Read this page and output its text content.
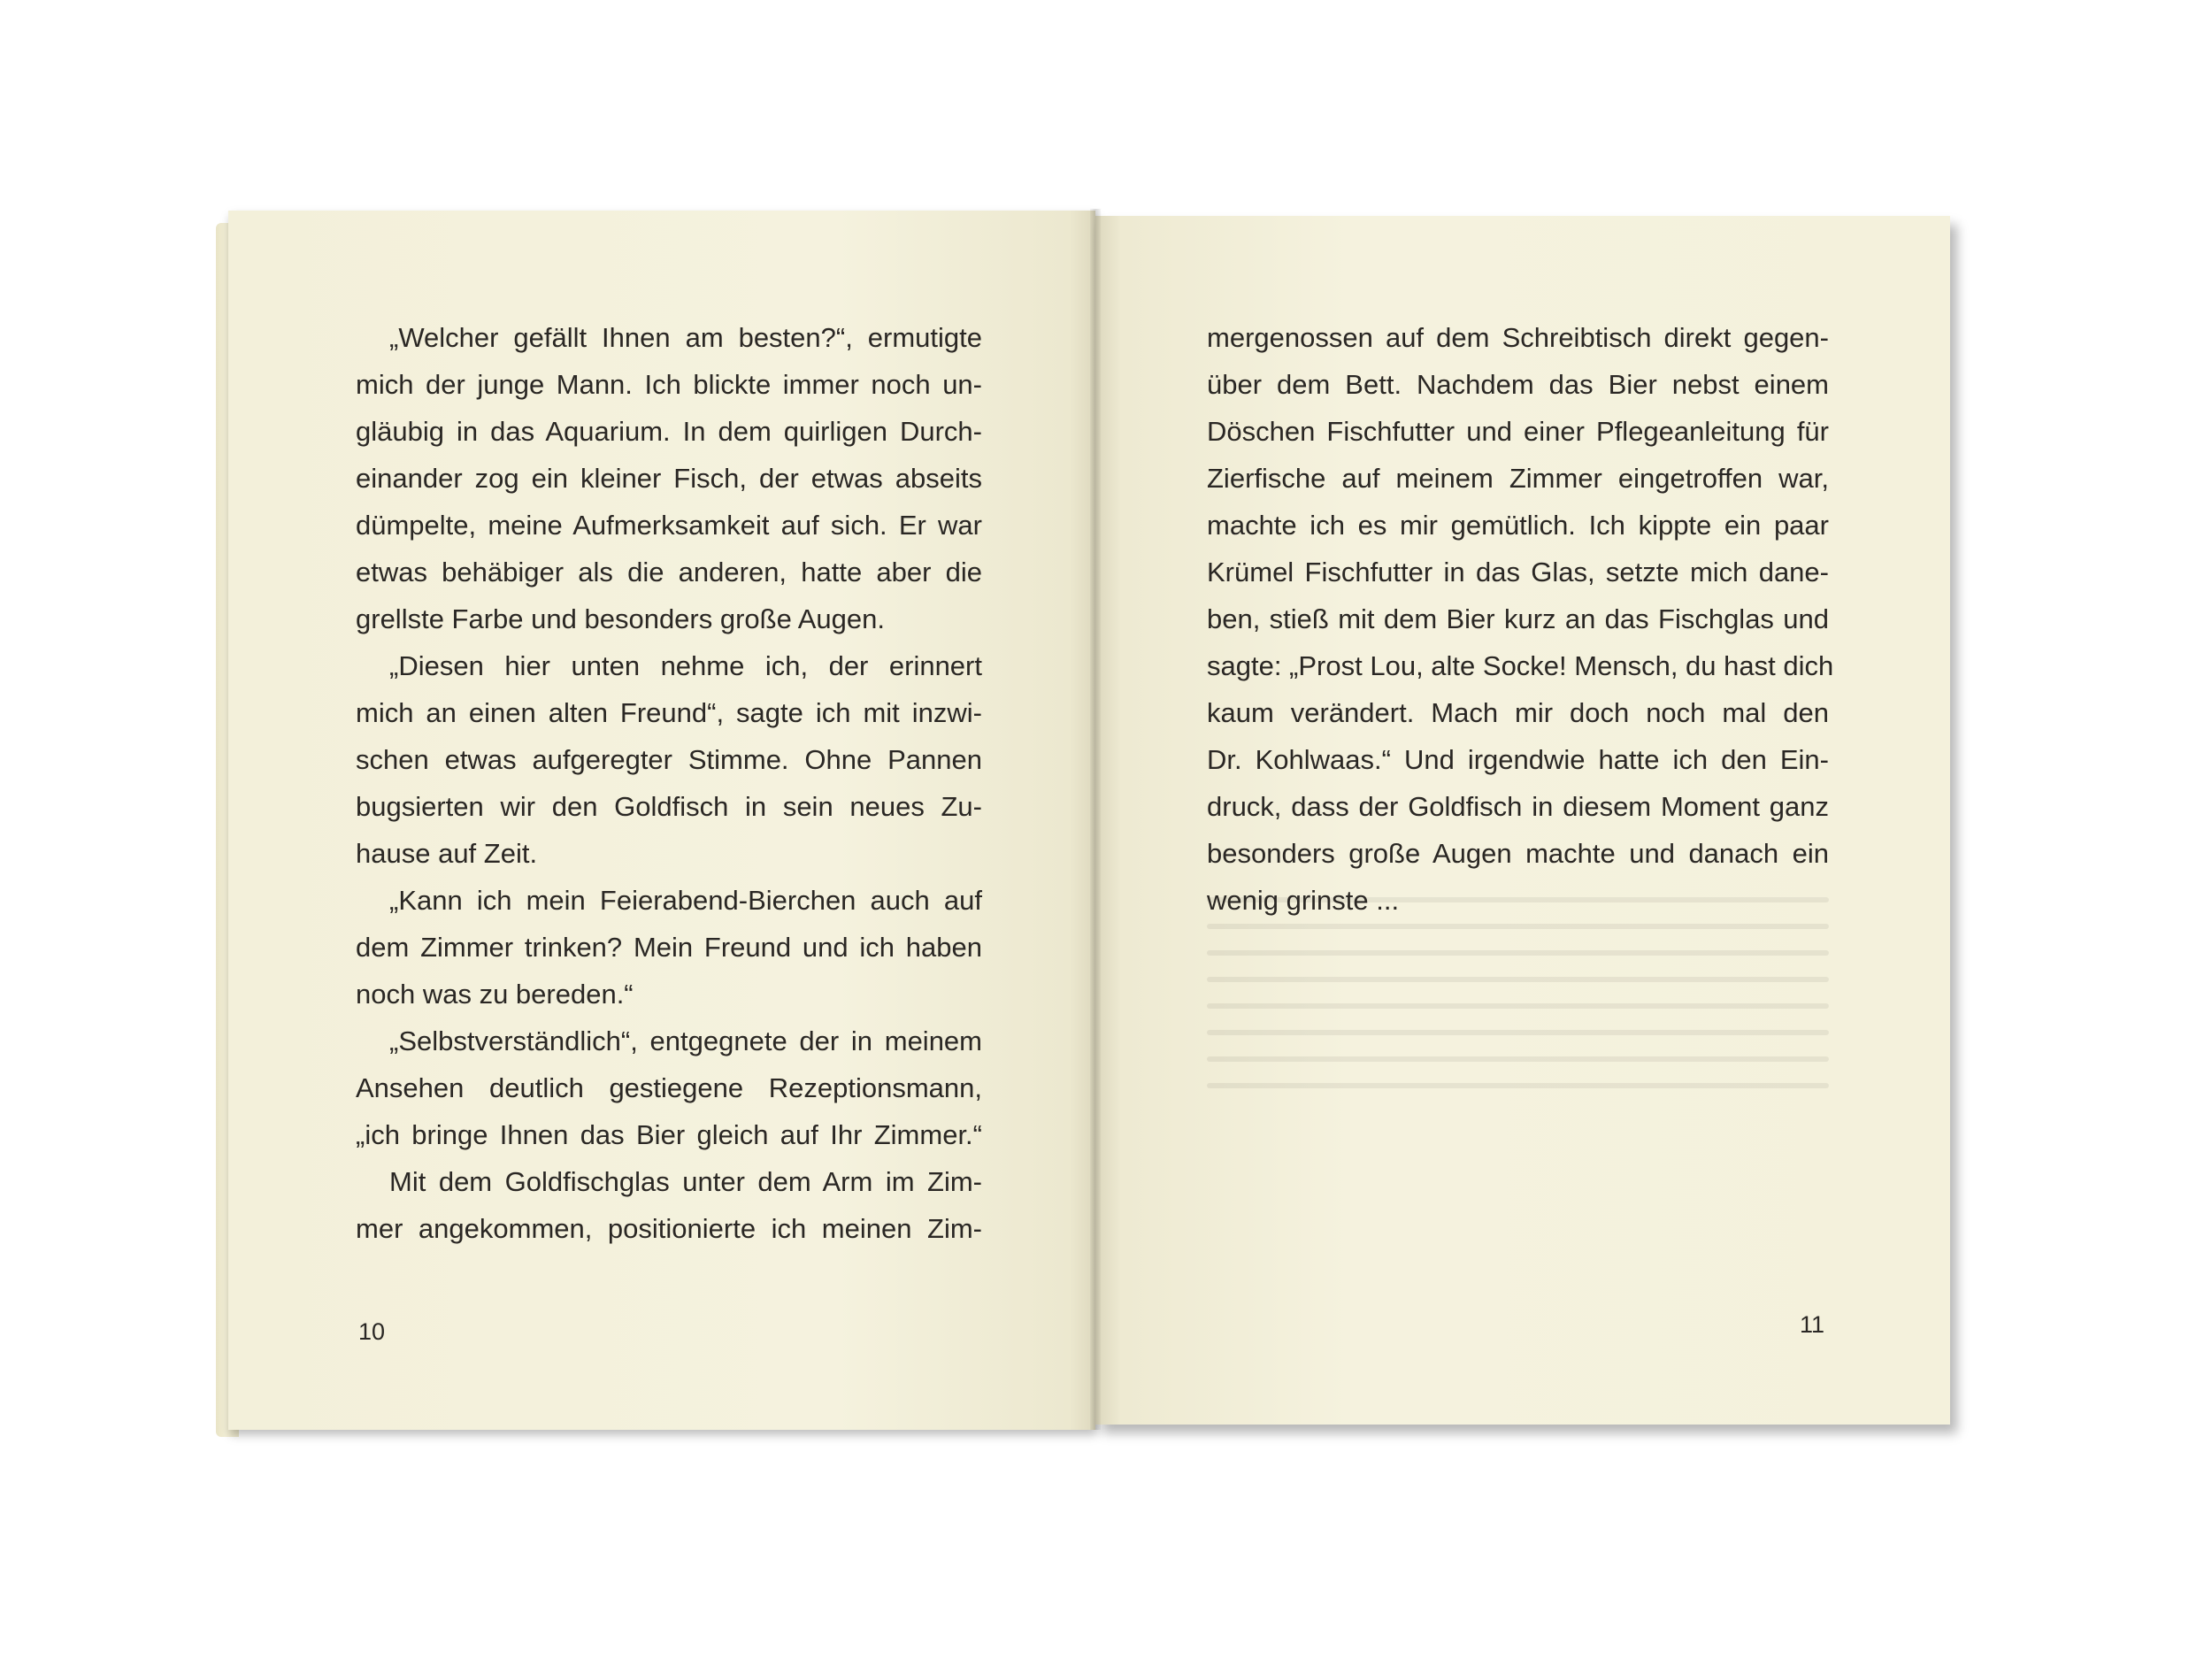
„Welcher gefällt Ihnen am besten?“, ermutigte
mich der junge Mann. Ich blickte immer noch un-
gläubig in das Aquarium. In dem quirligen Durch-
einander zog ein kleiner Fisch, der etwas abseits
dümpelte, meine Aufmerksamkeit auf sich. Er war
etwas behäbiger als die anderen, hatte aber die
grellste Farbe und besonders große Augen.
„Diesen hier unten nehme ich, der erinnert
mich an einen alten Freund“, sagte ich mit inzwi-
schen etwas aufgeregter Stimme. Ohne Pannen
bugsierten wir den Goldfisch in sein neues Zu-
hause auf Zeit.
„Kann ich mein Feierabend-Bierchen auch auf
dem Zimmer trinken? Mein Freund und ich haben
noch was zu bereden.“
„Selbstverständlich“, entgegnete der in meinem
Ansehen deutlich gestiegene Rezeptionsmann,
„ich bringe Ihnen das Bier gleich auf Ihr Zimmer.“
Mit dem Goldfischglas unter dem Arm im Zim-
mer angekommen, positionierte ich meinen Zim-
mergenossen auf dem Schreibtisch direkt gegen-
über dem Bett. Nachdem das Bier nebst einem
Döschen Fischfutter und einer Pflegeanleitung für
Zierfische auf meinem Zimmer eingetroffen war,
machte ich es mir gemütlich. Ich kippte ein paar
Krümel Fischfutter in das Glas, setzte mich dane-
ben, stieß mit dem Bier kurz an das Fischglas und
sagte: „Prost Lou, alte Socke! Mensch, du hast dich
kaum verändert. Mach mir doch noch mal den
Dr. Kohlwaas.“ Und irgendwie hatte ich den Ein-
druck, dass der Goldfisch in diesem Moment ganz
besonders große Augen machte und danach ein
wenig grinste ...
10	11
